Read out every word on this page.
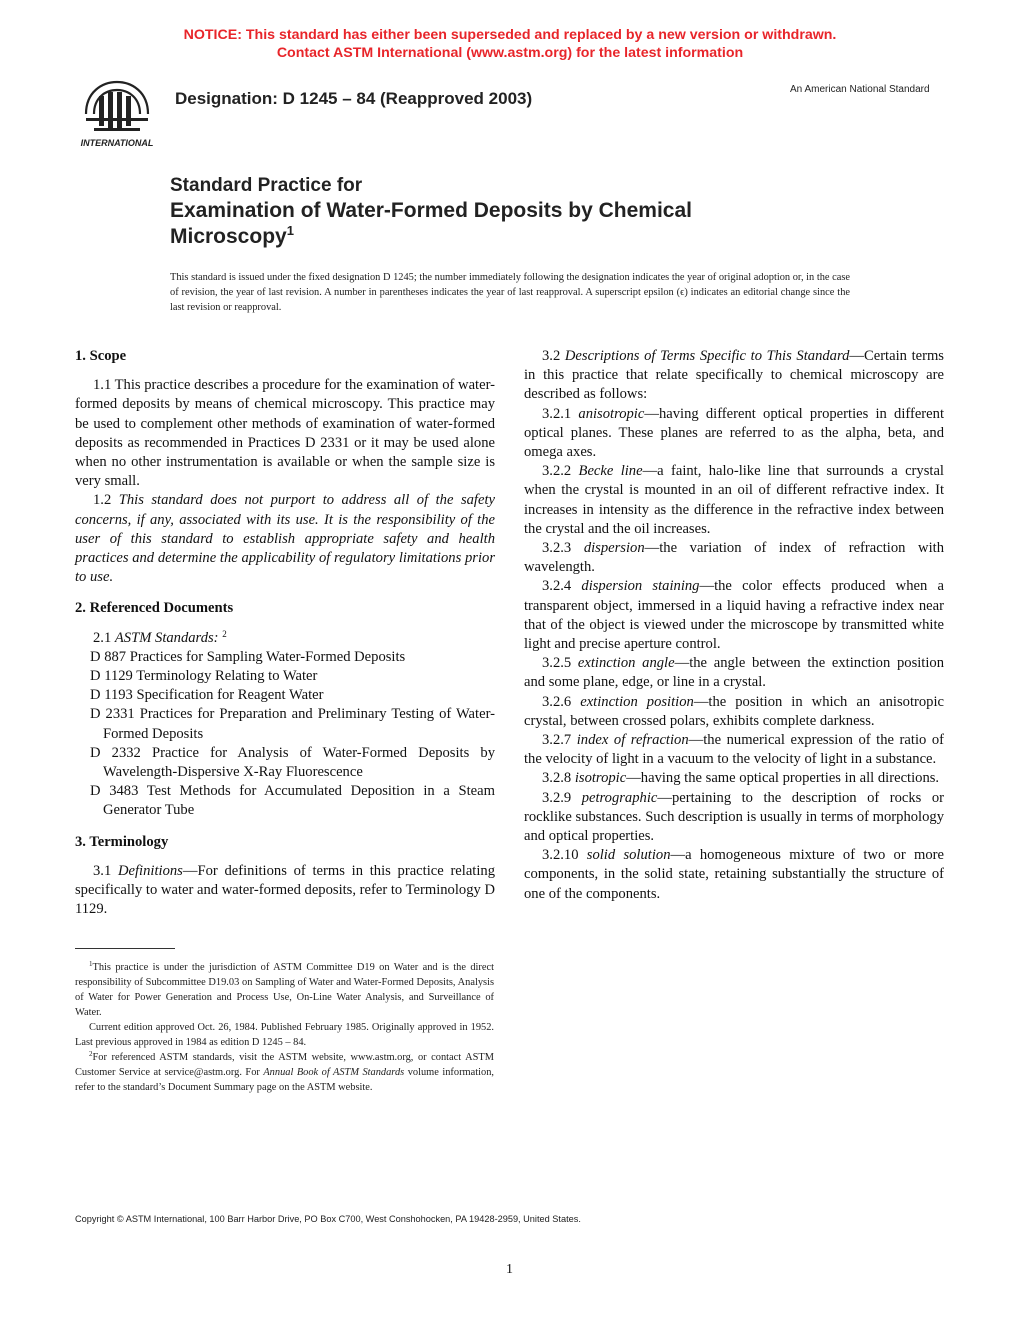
NOTICE: This standard has either been superseded and replaced by a new version or withdrawn.
Contact ASTM International (www.astm.org) for the latest information
INTERNATIONAL
Designation: D 1245 – 84 (Reapproved 2003)	An American National Standard
Standard Practice for
Examination of Water-Formed Deposits by Chemical
Microscopy$^1$
This standard is issued under the fixed designation D 1245; the number immediately following the designation indicates the year of original adoption or, in the case of revision, the year of last revision. A number in parentheses indicates the year of last reapproval. A superscript epsilon (ϵ) indicates an editorial change since the last revision or reapproval.
1. Scope

1.1 This practice describes a procedure for the examination of water-formed deposits by means of chemical microscopy. This practice may be used to complement other methods of examination of water-formed deposits as recommended in Practices D 2331 or it may be used alone when no other instrumentation is available or when the sample size is very small.

1.2 This standard does not purport to address all of the safety concerns, if any, associated with its use. It is the responsibility of the user of this standard to establish appropriate safety and health practices and determine the applicability of regulatory limitations prior to use.

2. Referenced Documents

2.1 ASTM Standards: $^2$

D 887 Practices for Sampling Water-Formed Deposits
D 1129 Terminology Relating to Water
D 1193 Specification for Reagent Water
D 2331 Practices for Preparation and Preliminary Testing of Water-Formed Deposits
D 2332 Practice for Analysis of Water-Formed Deposits by Wavelength-Dispersive X-Ray Fluorescence
D 3483 Test Methods for Accumulated Deposition in a Steam Generator Tube
3. Terminology

3.1 Definitions—For definitions of terms in this practice relating specifically to water and water-formed deposits, refer to Terminology D 1129.

$^1$This practice is under the jurisdiction of ASTM Committee D19 on Water and is the direct responsibility of Subcommittee D19.03 on Sampling of Water and Water-Formed Deposits, Analysis of Water for Power Generation and Process Use, On-Line Water Analysis, and Surveillance of Water.

Current edition approved Oct. 26, 1984. Published February 1985. Originally approved in 1952. Last previous approved in 1984 as edition D 1245 – 84.

$^2$For referenced ASTM standards, visit the ASTM website, www.astm.org, or contact ASTM Customer Service at service@astm.org. For Annual Book of ASTM Standards volume information, refer to the standard’s Document Summary page on the ASTM website.

3.2 Descriptions of Terms Specific to This Standard—Certain terms in this practice that relate specifically to chemical microscopy are described as follows:

3.2.1 anisotropic—having different optical properties in different optical planes. These planes are referred to as the alpha, beta, and omega axes.

3.2.2 Becke line—a faint, halo-like line that surrounds a crystal when the crystal is mounted in an oil of different refractive index. It increases in intensity as the difference in the refractive index between the crystal and the oil increases.

3.2.3 dispersion—the variation of index of refraction with wavelength.

3.2.4 dispersion staining—the color effects produced when a transparent object, immersed in a liquid having a refractive index near that of the object is viewed under the microscope by transmitted white light and precise aperture control.

3.2.5 extinction angle—the angle between the extinction position and some plane, edge, or line in a crystal.

3.2.6 extinction position—the position in which an anisotropic crystal, between crossed polars, exhibits complete darkness.

3.2.7 index of refraction—the numerical expression of the ratio of the velocity of light in a vacuum to the velocity of light in a substance.

3.2.8 isotropic—having the same optical properties in all directions.

3.2.9 petrographic—pertaining to the description of rocks or rocklike substances. Such description is usually in terms of morphology and optical properties.

3.2.10 solid solution—a homogeneous mixture of two or more components, in the solid state, retaining substantially the structure of one of the components.

Copyright © ASTM International, 100 Barr Harbor Drive, PO Box C700, West Conshohocken, PA 19428-2959, United States.
1
